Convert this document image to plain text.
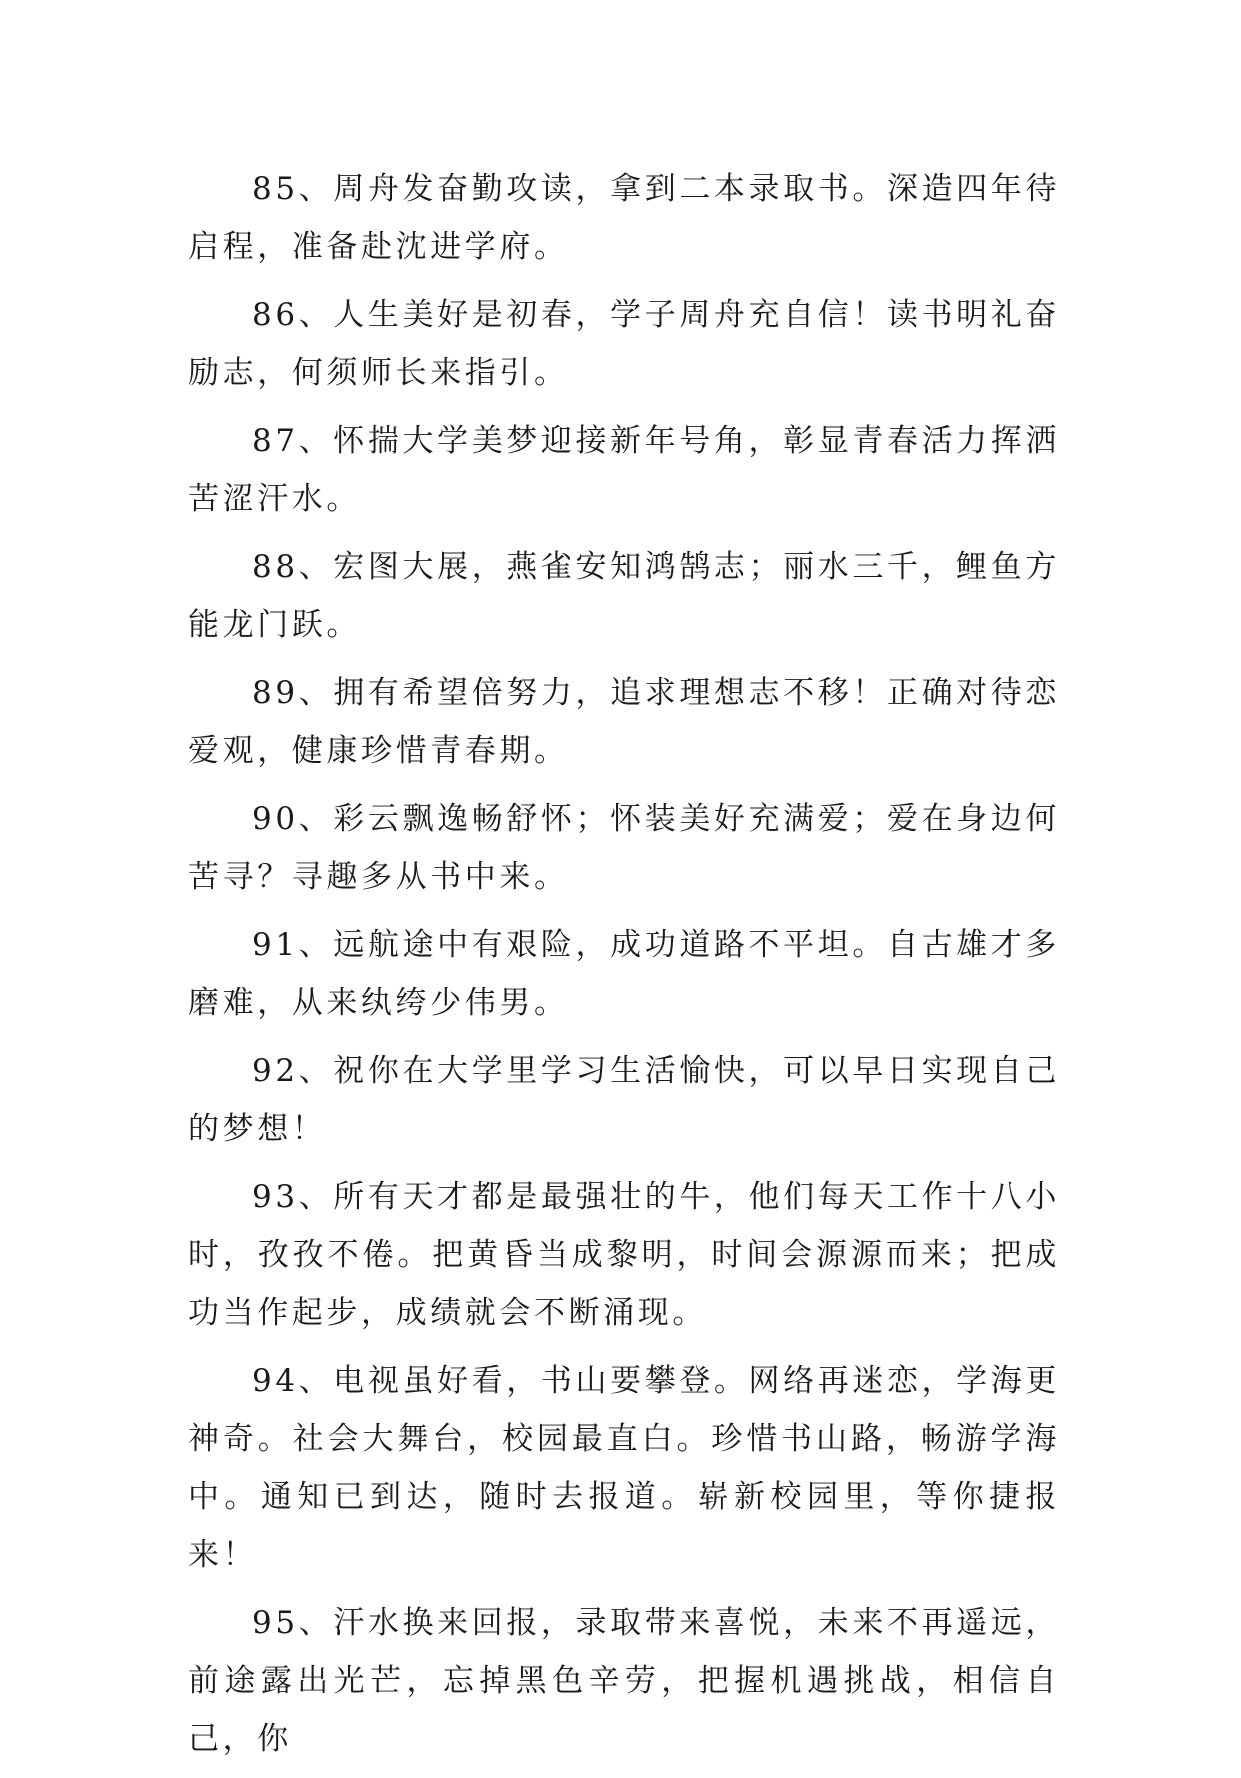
85、周舟发奋勤攻读，拿到二本录取书。深造四年待启程，准备赴沈进学府。

86、人生美好是初春，学子周舟充自信！读书明礼奋励志，何须师长来指引。

87、怀揣大学美梦迎接新年号角，彰显青春活力挥洒苦涩汗水。

88、宏图大展，燕雀安知鸿鹄志；丽水三千，鲤鱼方能龙门跃。

89、拥有希望倍努力，追求理想志不移！正确对待恋爱观，健康珍惜青春期。

90、彩云飘逸畅舒怀；怀装美好充满爱；爱在身边何苦寻？寻趣多从书中来。

91、远航途中有艰险，成功道路不平坦。自古雄才多磨难，从来纨绔少伟男。

92、祝你在大学里学习生活愉快，可以早日实现自己的梦想！

93、所有天才都是最强壮的牛，他们每天工作十八小时，孜孜不倦。把黄昏当成黎明，时间会源源而来；把成功当作起步，成绩就会不断涌现。

94、电视虽好看，书山要攀登。网络再迷恋，学海更神奇。社会大舞台，校园最直白。珍惜书山路，畅游学海中。通知已到达，随时去报道。崭新校园里，等你捷报来！

95、汗水换来回报，录取带来喜悦，未来不再遥远，前途露出光芒，忘掉黑色辛劳，把握机遇挑战，相信自己，你
